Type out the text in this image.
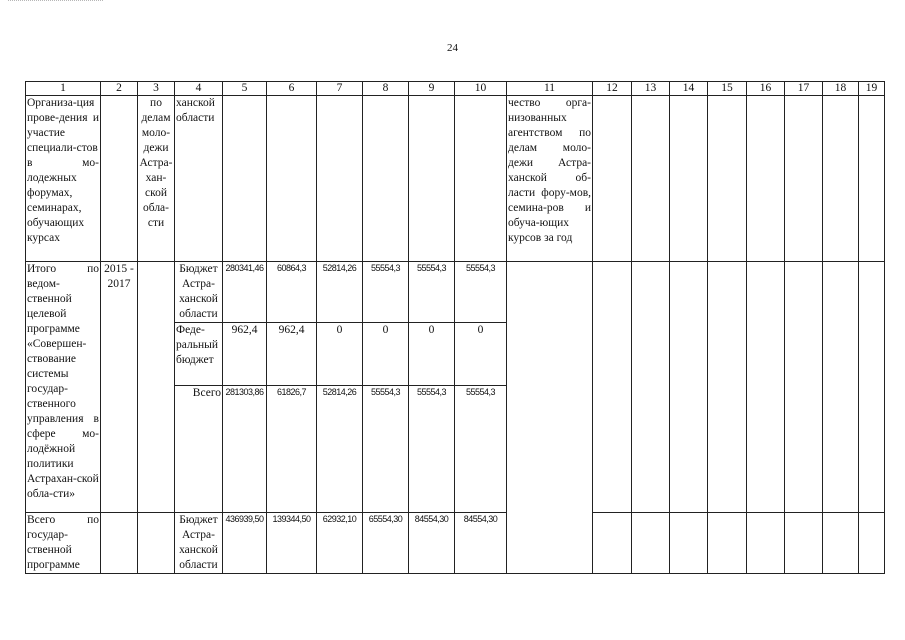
24
1	2	3	4	5	6	7	8	9	10	11	12	13	14	15	16	17	18	19
Организа-ция прове-дения и участие специали-стов в мо-лодежных форумах, семинарах, обучающих курсах		по делам моло-дежи Астра-хан-ской обла-сти	ханской области							чество орга-низованных агентством по делам моло-дежи Астра-ханской об-ласти фору-мов, семина-ров и обуча-ющих курсов за год								
Итого по ведом-ственной целевой программе «Совершен-ствование системы государ-ственного управления в сфере мо-лодёжной политики Астрахан-ской обла-сти»	2015 - 2017		Бюджет Астра-ханской области	280341,46	60864,3	52814,26	55554,3	55554,3	55554,3									
			Феде-ральный бюджет	962,4	962,4	0	0	0	0									
			Всего	281303,86	61826,7	52814,26	55554,3	55554,3	55554,3									
Всего по государ-ственной программе			Бюджет Астра-ханской области	436939,50	139344,50	62932,10	65554,30	84554,30	84554,30									
